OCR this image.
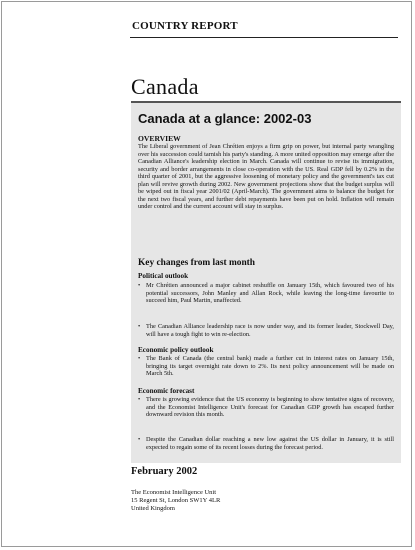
COUNTRY REPORT
Canada
Canada at a glance: 2002-03
OVERVIEW
The Liberal government of Jean Chrétien enjoys a firm grip on power, but internal party wrangling over his succession could tarnish his party's standing. A more united opposition may emerge after the Canadian Alliance's leadership election in March. Canada will continue to revise its immigration, security and border arrangements in close co-operation with the US. Real GDP fell by 0.2% in the third quarter of 2001, but the aggressive loosening of monetary policy and the government's tax cut plan will revive growth during 2002. New government projections show that the budget surplus will be wiped out in fiscal year 2001/02 (April-March). The government aims to balance the budget for the next two fiscal years, and further debt repayments have been put on hold. Inflation will remain under control and the current account will stay in surplus.
Key changes from last month
Political outlook
• Mr Chrétien announced a major cabinet reshuffle on January 15th, which favoured two of his potential successors, John Manley and Allan Rock, while leaving the long-time favourite to succeed him, Paul Martin, unaffected.
• The Canadian Alliance leadership race is now under way, and its former leader, Stockwell Day, will have a tough fight to win re-election.
Economic policy outlook
• The Bank of Canada (the central bank) made a further cut in interest rates on January 15th, bringing its target overnight rate down to 2%. Its next policy announcement will be made on March 5th.
Economic forecast
• There is growing evidence that the US economy is beginning to show tentative signs of recovery, and the Economist Intelligence Unit's forecast for Canadian GDP growth has escaped further downward revision this month.
• Despite the Canadian dollar reaching a new low against the US dollar in January, it is still expected to regain some of its recent losses during the forecast period.
February 2002
The Economist Intelligence Unit
15 Regent St, London SW1Y 4LR
United Kingdom
